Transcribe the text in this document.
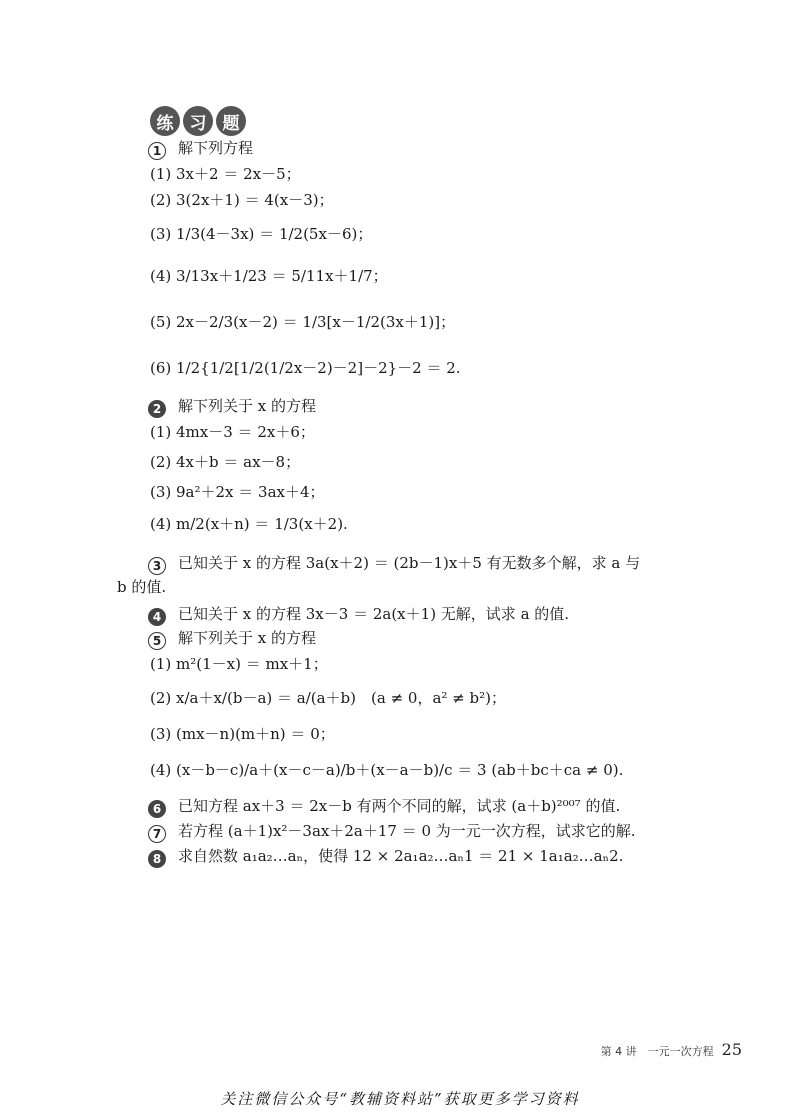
练 习 题
1 解下列方程
(1) 3x＋2 ＝ 2x－5；
(2) 3(2x＋1) ＝ 4(x－3)；
(3) 1/3(4－3x) ＝ 1/2(5x－6)；
(4) 3/13x＋1/23 ＝ 5/11x＋1/7；
(5) 2x－2/3(x－2) ＝ 1/3[x－1/2(3x＋1)]；
(6) 1/2{1/2[1/2(1/2x－2)－2]－2}－2 ＝ 2.
2 解下列关于 x 的方程
(1) 4mx－3 ＝ 2x＋6；
(2) 4x＋b ＝ ax－8；
(3) 9a²＋2x ＝ 3ax＋4；
(4) m/2(x＋n) ＝ 1/3(x＋2).
3 已知关于 x 的方程 3a(x＋2) ＝ (2b－1)x＋5 有无数多个解，求 a 与
b 的值.
4 已知关于 x 的方程 3x－3 ＝ 2a(x＋1) 无解，试求 a 的值.
5 解下列关于 x 的方程
(1) m²(1－x) ＝ mx＋1；
(2) x/a＋x/(b－a) ＝ a/(a＋b)　(a ≠ 0，a² ≠ b²)；
(3) (mx－n)(m＋n) ＝ 0；
(4) (x－b－c)/a＋(x－c－a)/b＋(x－a－b)/c ＝ 3 (ab＋bc＋ca ≠ 0).
6 已知方程 ax＋3 ＝ 2x－b 有两个不同的解，试求 (a＋b)²⁰⁰⁷ 的值.
7 若方程 (a＋1)x²－3ax＋2a＋17 ＝ 0 为一元一次方程，试求它的解.
8 求自然数 a₁a₂…aₙ，使得 12 × 2a₁a₂…aₙ1 ＝ 21 × 1a₁a₂…aₙ2.
第 4 讲　一元一次方程 25
关注微信公众号“教辅资料站”获取更多学习资料
